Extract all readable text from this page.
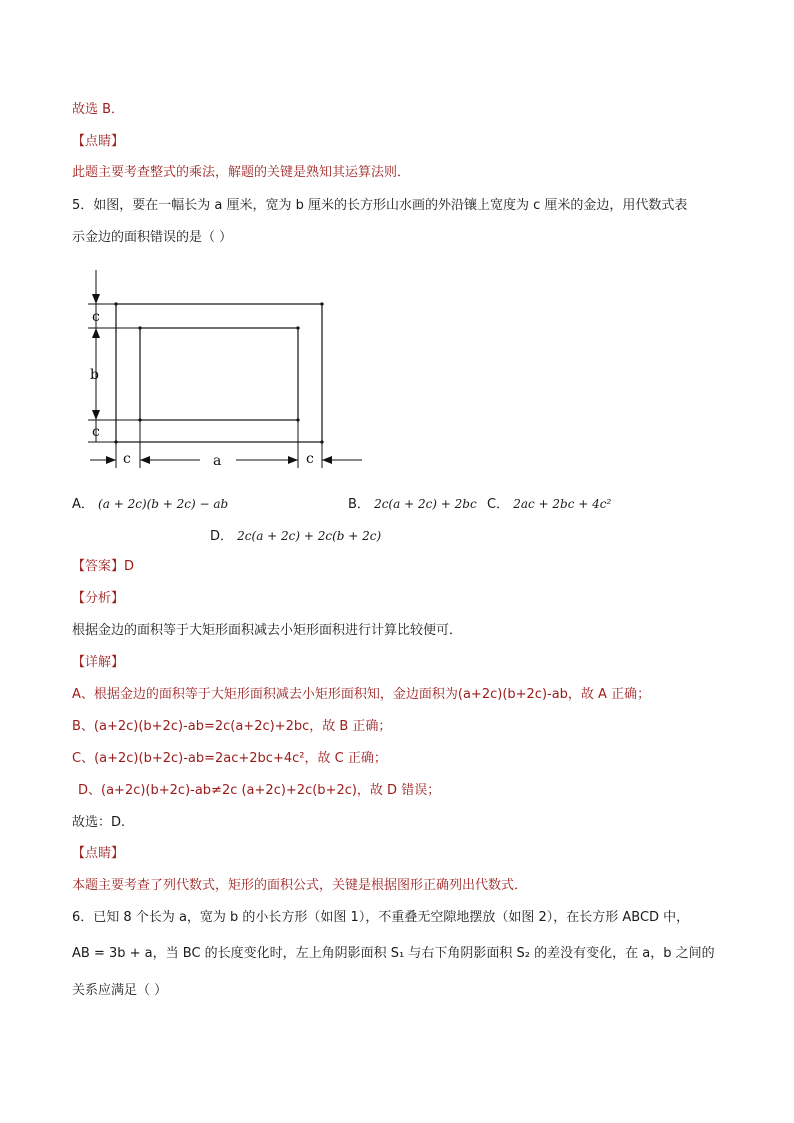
故选 B．
【点睛】
此题主要考查整式的乘法，解题的关键是熟知其运算法则．
5．如图，要在一幅长为 a 厘米，宽为 b 厘米的长方形山水画的外沿镶上宽度为 c 厘米的金边，用代数式表
示金边的面积错误的是（ ）
c
b
c
c	a	c
A． (a + 2c)(b + 2c) − ab	B． 2c(a + 2c) + 2bc C． 2ac + 2bc + 4c²
D． 2c(a + 2c) + 2c(b + 2c)
【答案】D
【分析】
根据金边的面积等于大矩形面积减去小矩形面积进行计算比较便可．
【详解】
A、根据金边的面积等于大矩形面积减去小矩形面积知，金边面积为(a+2c)(b+2c)-ab，故 A 正确；
B、(a+2c)(b+2c)-ab=2c(a+2c)+2bc，故 B 正确；
C、(a+2c)(b+2c)-ab=2ac+2bc+4c²，故 C 正确；
D、(a+2c)(b+2c)-ab≠2c (a+2c)+2c(b+2c)，故 D 错误；
故选：D.
【点睛】
本题主要考查了列代数式，矩形的面积公式，关键是根据图形正确列出代数式．
6．已知 8 个长为 a，宽为 b 的小长方形（如图 1），不重叠无空隙地摆放（如图 2），在长方形 ABCD 中，
AB = 3b + a，当 BC 的长度变化时，左上角阴影面积 S₁ 与右下角阴影面积 S₂ 的差没有变化，在 a，b 之间的
关系应满足（ ）
